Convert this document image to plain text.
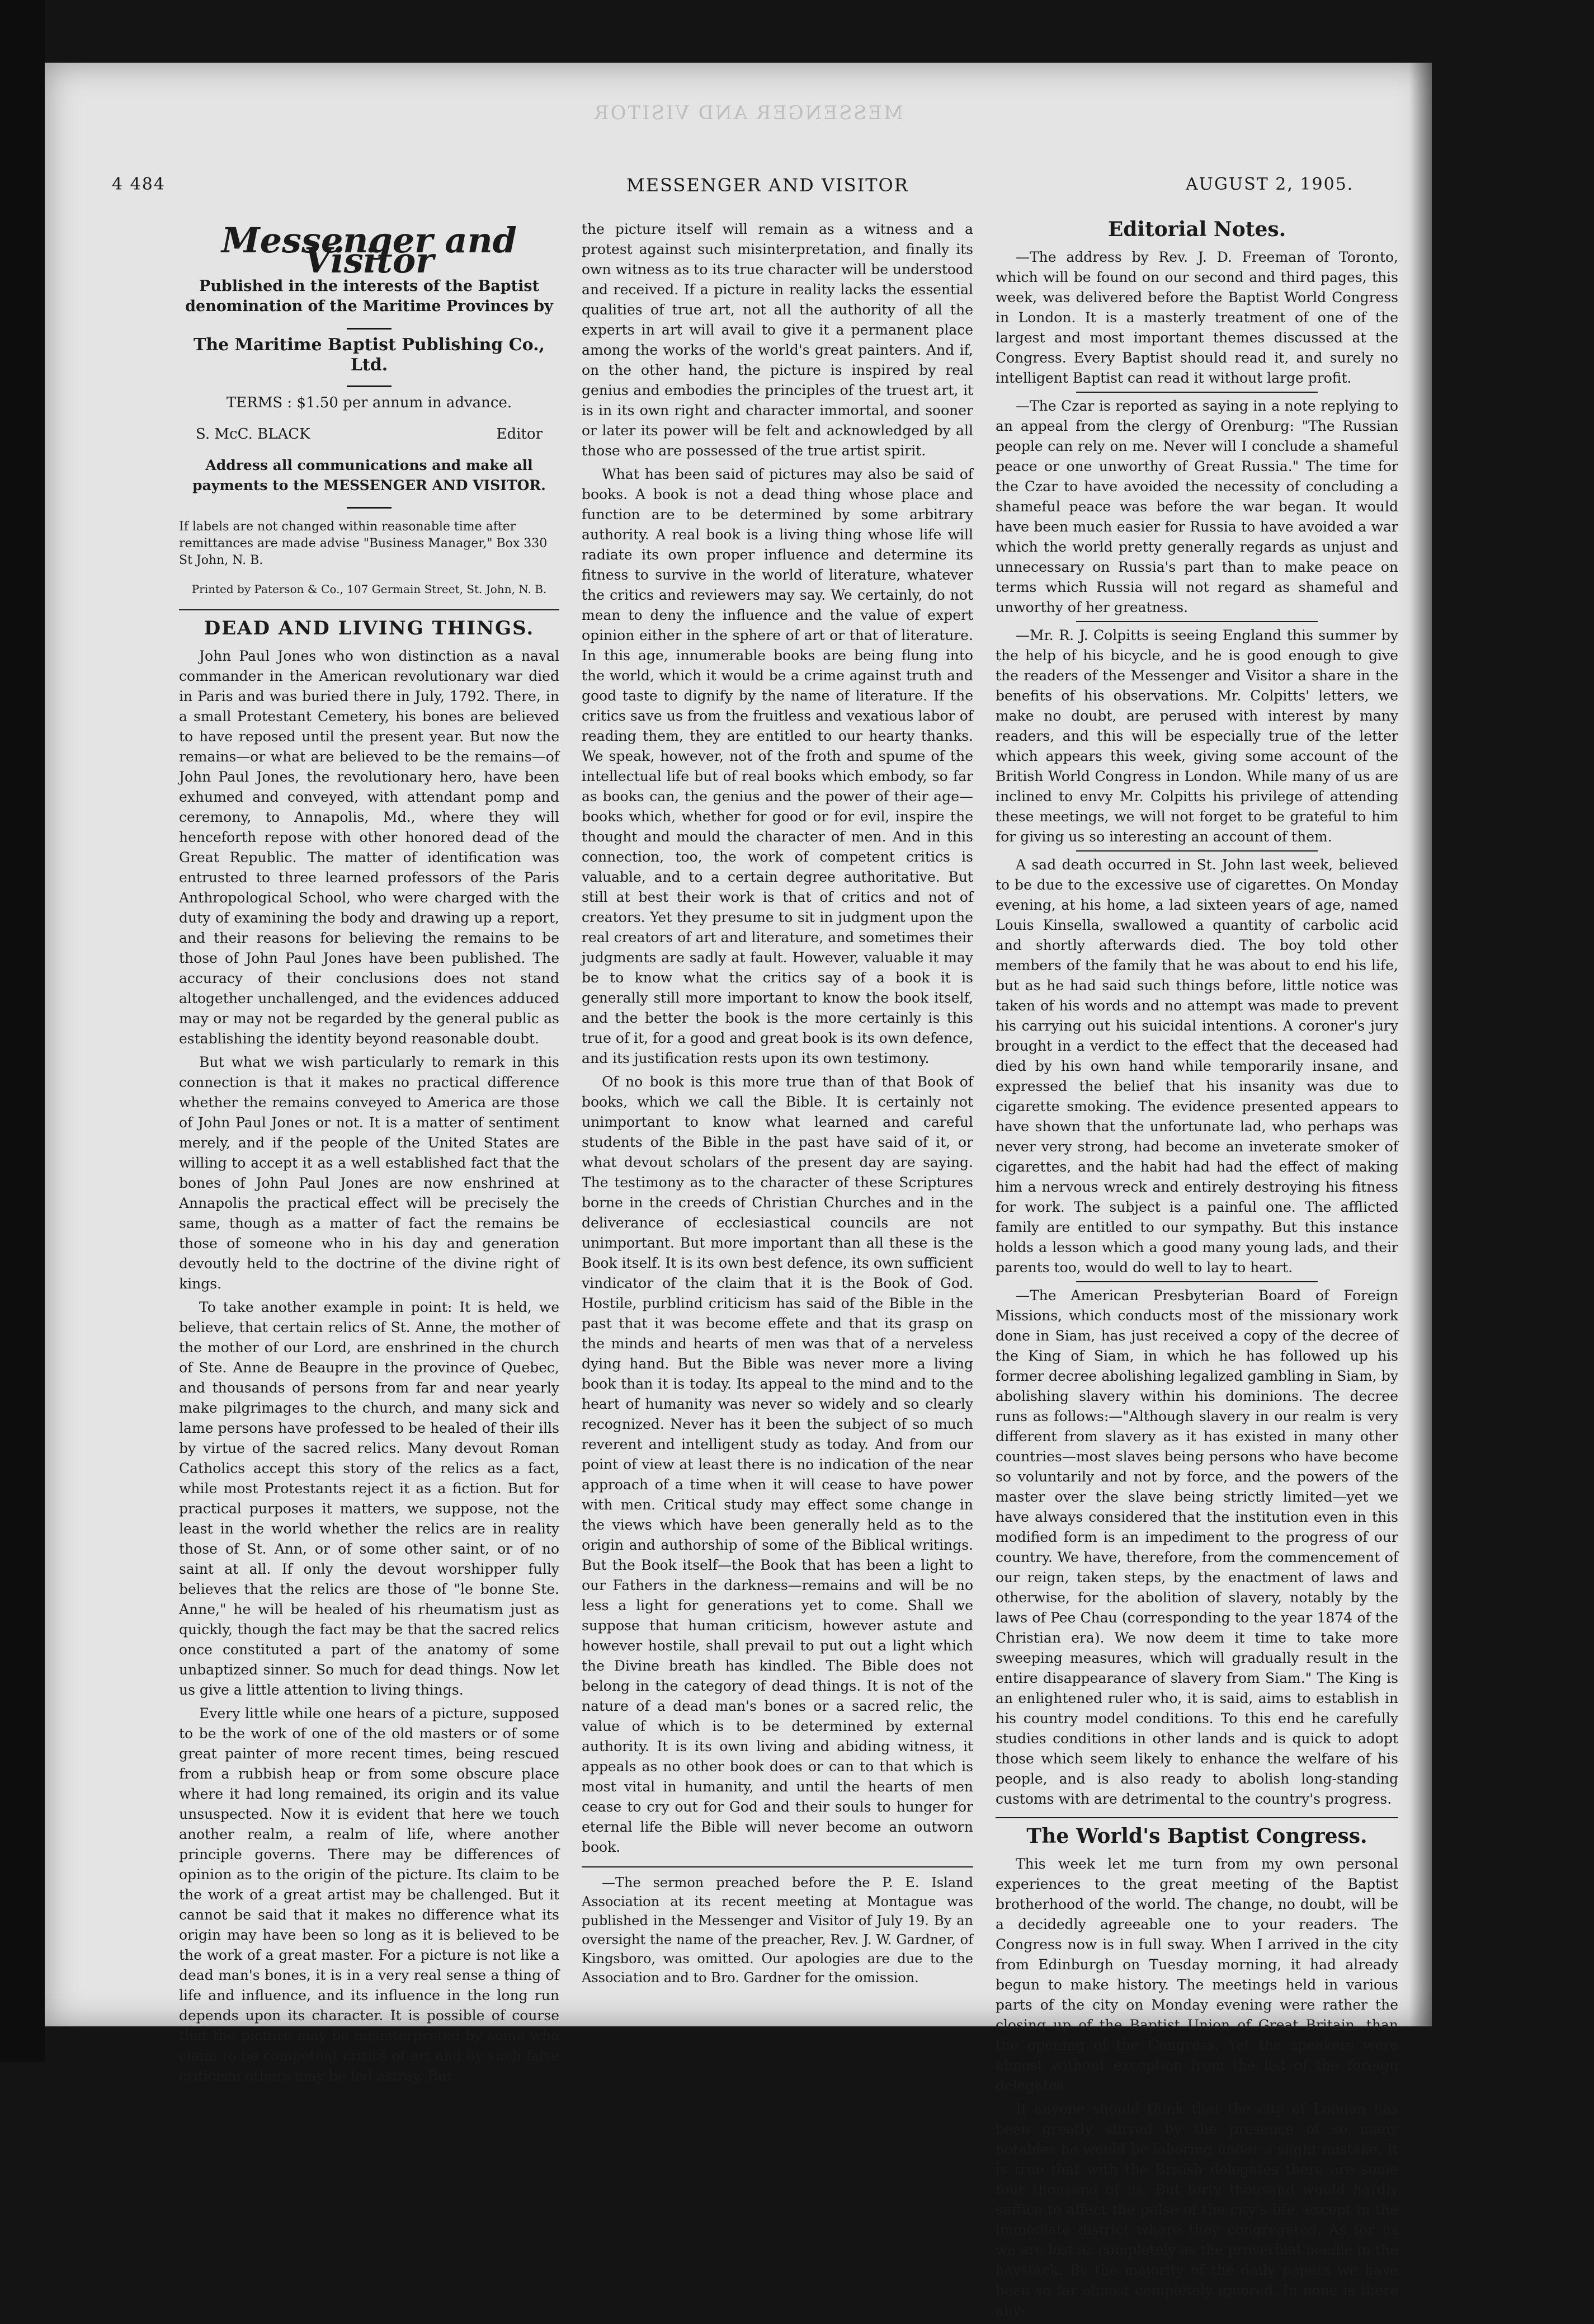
MESSENGER AND VISITOR
4 484	MESSENGER AND VISITOR	AUGUST 2, 1905.
Messenger and Visitor
Published in the interests of the Baptist denomination of the Maritime Provinces by
The Maritime Baptist Publishing Co., Ltd.
TERMS : $1.50 per annum in advance.
S. McC. BLACK	Editor
Address all communications and make all payments to the MESSENGER AND VISITOR.
If labels are not changed within reasonable time after remittances are made advise "Business Manager," Box 330 St John, N. B.
Printed by Paterson & Co., 107 Germain Street, St. John, N. B.
DEAD AND LIVING THINGS.

John Paul Jones who won distinction as a naval commander in the American revolutionary war died in Paris and was buried there in July, 1792. There, in a small Protestant Cemetery, his bones are believed to have reposed until the present year. But now the remains—or what are believed to be the remains—of John Paul Jones, the revolutionary hero, have been exhumed and conveyed, with attendant pomp and ceremony, to Annapolis, Md., where they will henceforth repose with other honored dead of the Great Republic. The matter of identification was entrusted to three learned professors of the Paris Anthropological School, who were charged with the duty of examining the body and drawing up a report, and their reasons for believing the remains to be those of John Paul Jones have been published. The accuracy of their conclusions does not stand altogether unchallenged, and the evidences adduced may or may not be regarded by the general public as establishing the identity beyond reasonable doubt.

But what we wish particularly to remark in this connection is that it makes no practical difference whether the remains conveyed to America are those of John Paul Jones or not. It is a matter of sentiment merely, and if the people of the United States are willing to accept it as a well established fact that the bones of John Paul Jones are now enshrined at Annapolis the practical effect will be precisely the same, though as a matter of fact the remains be those of someone who in his day and generation devoutly held to the doctrine of the divine right of kings.

To take another example in point: It is held, we believe, that certain relics of St. Anne, the mother of the mother of our Lord, are enshrined in the church of Ste. Anne de Beaupre in the province of Quebec, and thousands of persons from far and near yearly make pilgrimages to the church, and many sick and lame persons have professed to be healed of their ills by virtue of the sacred relics. Many devout Roman Catholics accept this story of the relics as a fact, while most Protestants reject it as a fiction. But for practical purposes it matters, we suppose, not the least in the world whether the relics are in reality those of St. Ann, or of some other saint, or of no saint at all. If only the devout worshipper fully believes that the relics are those of "le bonne Ste. Anne," he will be healed of his rheumatism just as quickly, though the fact may be that the sacred relics once constituted a part of the anatomy of some unbaptized sinner. So much for dead things. Now let us give a little attention to living things.

Every little while one hears of a picture, supposed to be the work of one of the old masters or of some great painter of more recent times, being rescued from a rubbish heap or from some obscure place where it had long remained, its origin and its value unsuspected. Now it is evident that here we touch another realm, a realm of life, where another principle governs. There may be differences of opinion as to the origin of the picture. Its claim to be the work of a great artist may be challenged. But it cannot be said that it makes no difference what its origin may have been so long as it is believed to be the work of a great master. For a picture is not like a dead man's bones, it is in a very real sense a thing of life and influence, and its influence in the long run depends upon its character. It is possible of course that the picture may be misinterpreted by some who claim to be competent critics of art and by such false criticism others may be led astray. But

the picture itself will remain as a witness and a protest against such misinterpretation, and finally its own witness as to its true character will be understood and received. If a picture in reality lacks the essential qualities of true art, not all the authority of all the experts in art will avail to give it a permanent place among the works of the world's great painters. And if, on the other hand, the picture is inspired by real genius and embodies the principles of the truest art, it is in its own right and character immortal, and sooner or later its power will be felt and acknowledged by all those who are possessed of the true artist spirit.

What has been said of pictures may also be said of books. A book is not a dead thing whose place and function are to be determined by some arbitrary authority. A real book is a living thing whose life will radiate its own proper influence and determine its fitness to survive in the world of literature, whatever the critics and reviewers may say. We certainly, do not mean to deny the influence and the value of expert opinion either in the sphere of art or that of literature. In this age, innumerable books are being flung into the world, which it would be a crime against truth and good taste to dignify by the name of literature. If the critics save us from the fruitless and vexatious labor of reading them, they are entitled to our hearty thanks. We speak, however, not of the froth and spume of the intellectual life but of real books which embody, so far as books can, the genius and the power of their age—books which, whether for good or for evil, inspire the thought and mould the character of men. And in this connection, too, the work of competent critics is valuable, and to a certain degree authoritative. But still at best their work is that of critics and not of creators. Yet they presume to sit in judgment upon the real creators of art and literature, and sometimes their judgments are sadly at fault. However, valuable it may be to know what the critics say of a book it is generally still more important to know the book itself, and the better the book is the more certainly is this true of it, for a good and great book is its own defence, and its justification rests upon its own testimony.

Of no book is this more true than of that Book of books, which we call the Bible. It is certainly not unimportant to know what learned and careful students of the Bible in the past have said of it, or what devout scholars of the present day are saying. The testimony as to the character of these Scriptures borne in the creeds of Christian Churches and in the deliverance of ecclesiastical councils are not unimportant. But more important than all these is the Book itself. It is its own best defence, its own sufficient vindicator of the claim that it is the Book of God. Hostile, purblind criticism has said of the Bible in the past that it was become effete and that its grasp on the minds and hearts of men was that of a nerveless dying hand. But the Bible was never more a living book than it is today. Its appeal to the mind and to the heart of humanity was never so widely and so clearly recognized. Never has it been the subject of so much reverent and intelligent study as today. And from our point of view at least there is no indication of the near approach of a time when it will cease to have power with men. Critical study may effect some change in the views which have been generally held as to the origin and authorship of some of the Biblical writings. But the Book itself—the Book that has been a light to our Fathers in the darkness—remains and will be no less a light for generations yet to come. Shall we suppose that human criticism, however astute and however hostile, shall prevail to put out a light which the Divine breath has kindled. The Bible does not belong in the category of dead things. It is not of the nature of a dead man's bones or a sacred relic, the value of which is to be determined by external authority. It is its own living and abiding witness, it appeals as no other book does or can to that which is most vital in humanity, and until the hearts of men cease to cry out for God and their souls to hunger for eternal life the Bible will never become an outworn book.

—The sermon preached before the P. E. Island Association at its recent meeting at Montague was published in the Messenger and Visitor of July 19. By an oversight the name of the preacher, Rev. J. W. Gardner, of Kingsboro, was omitted. Our apologies are due to the Association and to Bro. Gardner for the omission.

Editorial Notes.

—The address by Rev. J. D. Freeman of Toronto, which will be found on our second and third pages, this week, was delivered before the Baptist World Congress in London. It is a masterly treatment of one of the largest and most important themes discussed at the Congress. Every Baptist should read it, and surely no intelligent Baptist can read it without large profit.

—The Czar is reported as saying in a note replying to an appeal from the clergy of Orenburg: "The Russian people can rely on me. Never will I conclude a shameful peace or one unworthy of Great Russia." The time for the Czar to have avoided the necessity of concluding a shameful peace was before the war began. It would have been much easier for Russia to have avoided a war which the world pretty generally regards as unjust and unnecessary on Russia's part than to make peace on terms which Russia will not regard as shameful and unworthy of her greatness.

—Mr. R. J. Colpitts is seeing England this summer by the help of his bicycle, and he is good enough to give the readers of the Messenger and Visitor a share in the benefits of his observations. Mr. Colpitts' letters, we make no doubt, are perused with interest by many readers, and this will be especially true of the letter which appears this week, giving some account of the British World Congress in London. While many of us are inclined to envy Mr. Colpitts his privilege of attending these meetings, we will not forget to be grateful to him for giving us so interesting an account of them.

A sad death occurred in St. John last week, believed to be due to the excessive use of cigarettes. On Monday evening, at his home, a lad sixteen years of age, named Louis Kinsella, swallowed a quantity of carbolic acid and shortly afterwards died. The boy told other members of the family that he was about to end his life, but as he had said such things before, little notice was taken of his words and no attempt was made to prevent his carrying out his suicidal intentions. A coroner's jury brought in a verdict to the effect that the deceased had died by his own hand while temporarily insane, and expressed the belief that his insanity was due to cigarette smoking. The evidence presented appears to have shown that the unfortunate lad, who perhaps was never very strong, had become an inveterate smoker of cigarettes, and the habit had had the effect of making him a nervous wreck and entirely destroying his fitness for work. The subject is a painful one. The afflicted family are entitled to our sympathy. But this instance holds a lesson which a good many young lads, and their parents too, would do well to lay to heart.

—The American Presbyterian Board of Foreign Missions, which conducts most of the missionary work done in Siam, has just received a copy of the decree of the King of Siam, in which he has followed up his former decree abolishing legalized gambling in Siam, by abolishing slavery within his dominions. The decree runs as follows:—"Although slavery in our realm is very different from slavery as it has existed in many other countries—most slaves being persons who have become so voluntarily and not by force, and the powers of the master over the slave being strictly limited—yet we have always considered that the institution even in this modified form is an impediment to the progress of our country. We have, therefore, from the commencement of our reign, taken steps, by the enactment of laws and otherwise, for the abolition of slavery, notably by the laws of Pee Chau (corresponding to the year 1874 of the Christian era). We now deem it time to take more sweeping measures, which will gradually result in the entire disappearance of slavery from Siam." The King is an enlightened ruler who, it is said, aims to establish in his country model conditions. To this end he carefully studies conditions in other lands and is quick to adopt those which seem likely to enhance the welfare of his people, and is also ready to abolish long-standing customs with are detrimental to the country's progress.

The World's Baptist Congress.

This week let me turn from my own personal experiences to the great meeting of the Baptist brotherhood of the world. The change, no doubt, will be a decidedly agreeable one to your readers. The Congress now is in full sway. When I arrived in the city from Edinburgh on Tuesday morning, it had already begun to make history. The meetings held in various parts of the city on Monday evening were rather the closing up of the Baptist Union of Great Britain, than the opening of the Congress. Yet the speakers were almost without exception from the list of the foreign delegates.

If anyone should think that the city of London has been greatly stirred by the presence of so many notables he would be laboring under a slight mistake. It is true that with the British delegates there are some four thousand of us. But forty thousand would hardly suffice to affect the pulse of the city's life, except in the immediate district where they congregated. As for us we are lost as completely as the proverbial needle in the haystack. By the majority of the daily papers we have been so far almost completely ignored. In none is there any-
